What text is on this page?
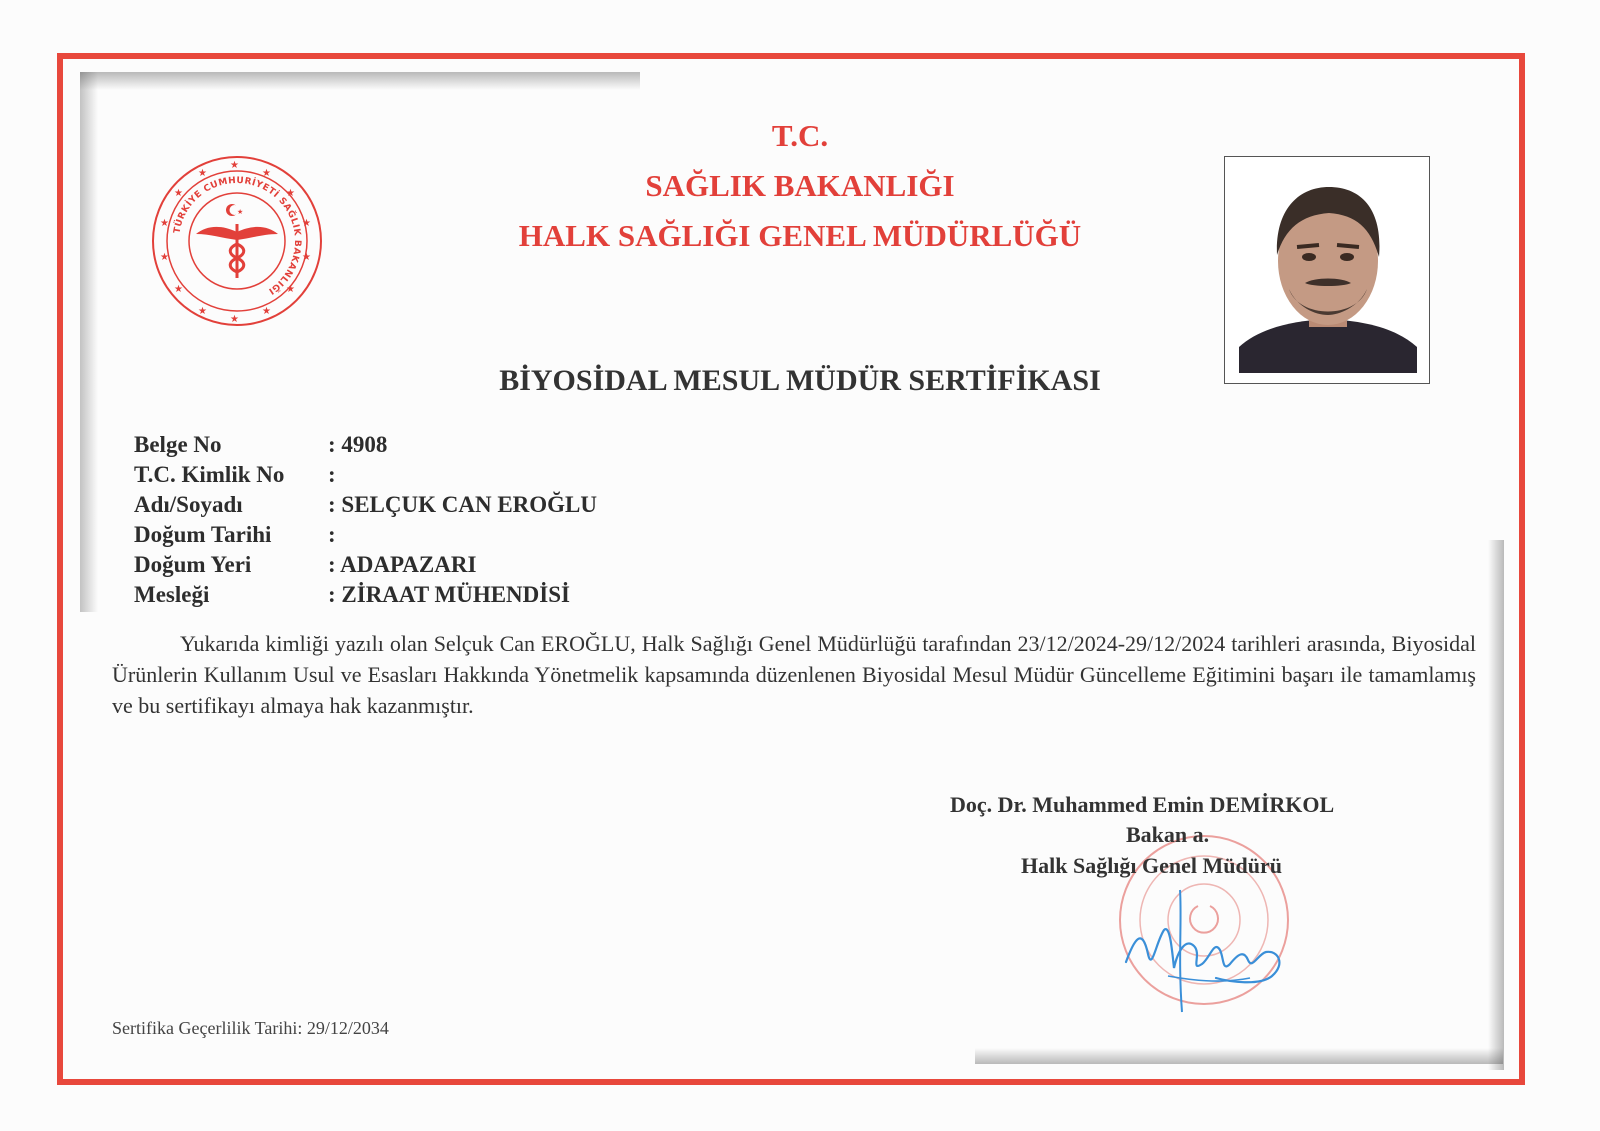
TÜRKİYE CUMHURİYETİ SAĞLIK BAKANLIĞI
★
★	★
★	★
★	★
★	★
★	★
★	★
★
★
T.C.
SAĞLIK BAKANLIĞI
HALK SAĞLIĞI GENEL MÜDÜRLÜĞÜ
BİYOSİDAL MESUL MÜDÜR SERTİFİKASI
Belge No	: 4908
T.C. Kimlik No :
Adı/Soyadı	: SELÇUK CAN EROĞLU
Doğum Tarihi :
Doğum Yeri	: ADAPAZARI
Mesleği	: ZİRAAT MÜHENDİSİ
Yukarıda kimliği yazılı olan Selçuk Can EROĞLU, Halk Sağlığı Genel Müdürlüğü tarafından 23/12/2024-29/12/2024 tarihleri arasında, Biyosidal Ürünlerin Kullanım Usul ve Esasları Hakkında Yönetmelik kapsamında düzenlenen Biyosidal Mesul Müdür Güncelleme Eğitimini başarı ile tamamlamış ve bu sertifikayı almaya hak kazanmıştır.
Doç. Dr. Muhammed Emin DEMİRKOL
Bakan a.
Halk Sağlığı Genel Müdürü
Sertifika Geçerlilik Tarihi: 29/12/2034
